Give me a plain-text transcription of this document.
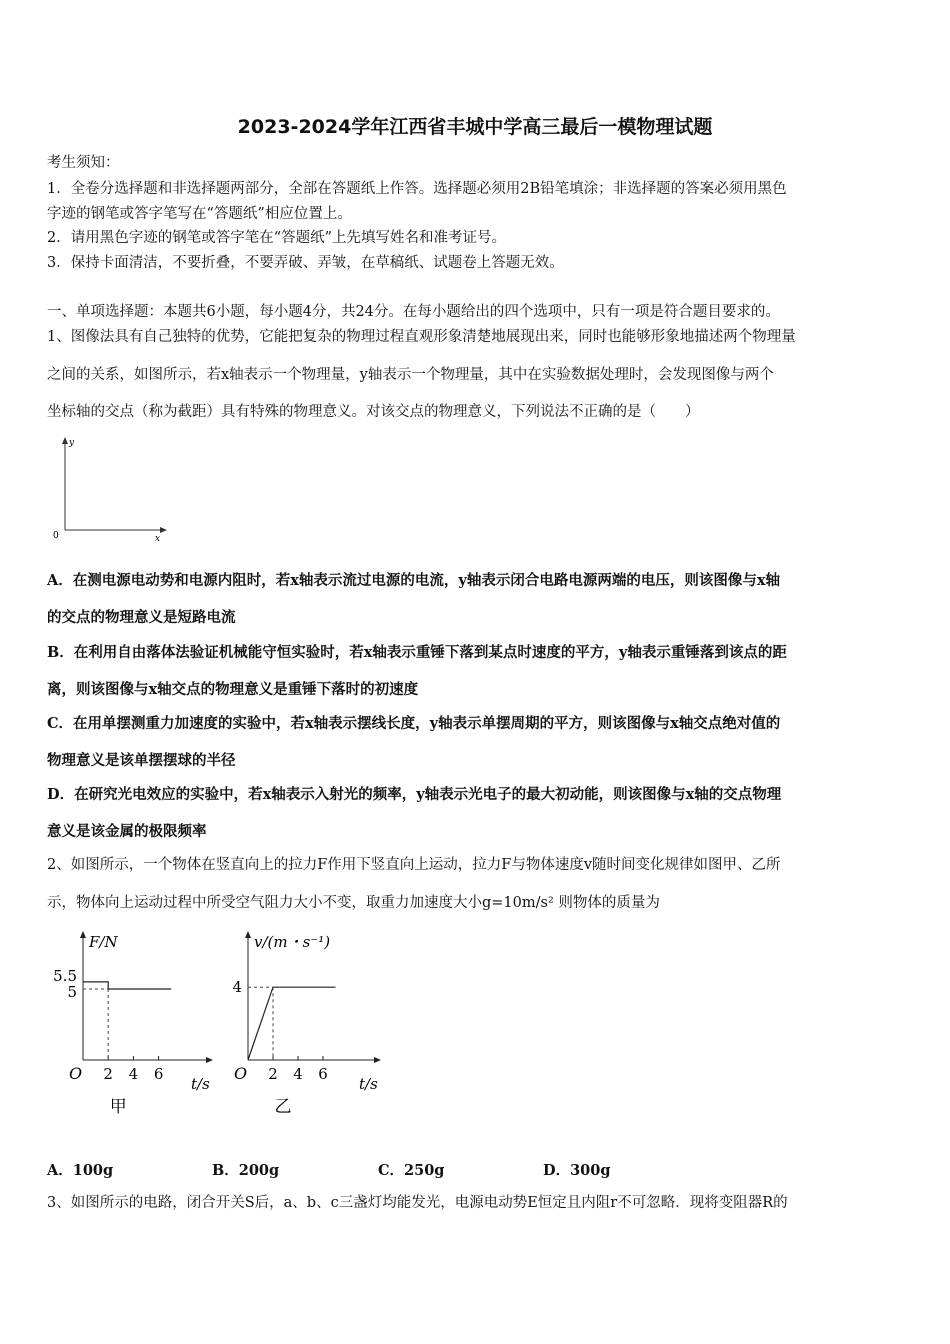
2023-2024学年江西省丰城中学高三最后一模物理试题
考生须知：
1．全卷分选择题和非选择题两部分，全部在答题纸上作答。选择题必须用2B铅笔填涂；非选择题的答案必须用黑色
字迹的钢笔或答字笔写在“答题纸”相应位置上。
2．请用黑色字迹的钢笔或答字笔在“答题纸”上先填写姓名和准考证号。
3．保持卡面清洁，不要折叠，不要弄破、弄皱，在草稿纸、试题卷上答题无效。
一、单项选择题：本题共6小题，每小题4分，共24分。在每小题给出的四个选项中，只有一项是符合题目要求的。
1、图像法具有自己独特的优势，它能把复杂的物理过程直观形象清楚地展现出来，同时也能够形象地描述两个物理量
之间的关系，如图所示，若x轴表示一个物理量，y轴表示一个物理量，其中在实验数据处理时，会发现图像与两个
坐标轴的交点（称为截距）具有特殊的物理意义。对该交点的物理意义，下列说法不正确的是（　　）
y
x
0
A．在测电源电动势和电源内阻时，若x轴表示流过电源的电流，y轴表示闭合电路电源两端的电压，则该图像与x轴
的交点的物理意义是短路电流
B．在利用自由落体法验证机械能守恒实验时，若x轴表示重锤下落到某点时速度的平方，y轴表示重锤落到该点的距
离，则该图像与x轴交点的物理意义是重锤下落时的初速度
C．在用单摆测重力加速度的实验中，若x轴表示摆线长度，y轴表示单摆周期的平方，则该图像与x轴交点绝对值的
物理意义是该单摆摆球的半径
D．在研究光电效应的实验中，若x轴表示入射光的频率，y轴表示光电子的最大初动能，则该图像与x轴的交点物理
意义是该金属的极限频率
2、如图所示，一个物体在竖直向上的拉力F作用下竖直向上运动，拉力F与物体速度v随时间变化规律如图甲、乙所
示，物体向上运动过程中所受空气阻力大小不变，取重力加速度大小g=10m/s² 则物体的质量为
F/N
t/s
O 2 4 6
5.5
5
甲
v/(m・s⁻¹)
t/s
O 2 4 6
4
乙
A．100g	B．200g	C．250g	D．300g
3、如图所示的电路，闭合开关S后，a、b、c三盏灯均能发光，电源电动势E恒定且内阻r不可忽略．现将变阻器R的
